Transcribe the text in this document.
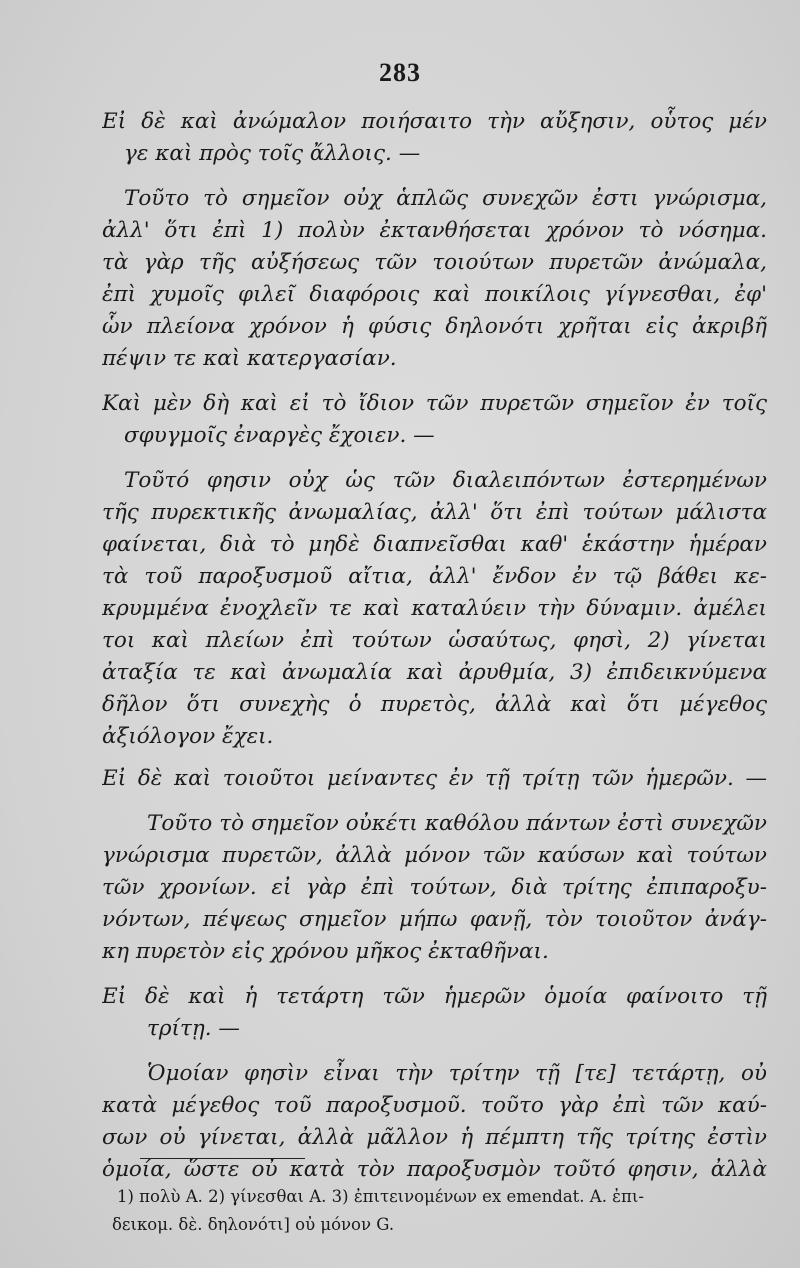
283
Εἰ δὲ καὶ ἀνώμαλον ποιήσαιτο τὴν αὔξησιν, οὗτος μέν
γε καὶ πρὸς τοῖς ἄλλοις. —
Τοῦτο τὸ σημεῖον οὐχ ἁπλῶς συνεχῶν ἐστι γνώρισμα,
ἀλλ' ὅτι ἐπὶ 1) πολὺν ἐκτανθήσεται χρόνον τὸ νόσημα.
τὰ γὰρ τῆς αὐξήσεως τῶν τοιούτων πυρετῶν ἀνώμαλα,
ἐπὶ χυμοῖς φιλεῖ διαφόροις καὶ ποικίλοις γίγνεσθαι, ἐφ'
ὧν πλείονα χρόνον ἡ φύσις δηλονότι χρῆται εἰς ἀκριβῆ
πέψιν τε καὶ κατεργασίαν.
Καὶ μὲν δὴ καὶ εἰ τὸ ἴδιον τῶν πυρετῶν σημεῖον ἐν τοῖς
σφυγμοῖς ἐναργὲς ἔχοιεν. —
Τοῦτό φησιν οὐχ ὡς τῶν διαλειπόντων ἐστερημένων
τῆς πυρεκτικῆς ἀνωμαλίας, ἀλλ' ὅτι ἐπὶ τούτων μάλιστα
φαίνεται, διὰ τὸ μηδὲ διαπνεῖσθαι καθ' ἑκάστην ἡμέραν
τὰ τοῦ παροξυσμοῦ αἴτια, ἀλλ' ἔνδον ἐν τῷ βάθει κε-
κρυμμένα ἐνοχλεῖν τε καὶ καταλύειν τὴν δύναμιν. ἀμέλει
τοι καὶ πλείων ἐπὶ τούτων ὡσαύτως, φησὶ, 2) γίνεται
ἀταξία τε καὶ ἀνωμαλία καὶ ἀρυθμία, 3) ἐπιδεικνύμενα
δῆλον ὅτι συνεχὴς ὁ πυρετὸς, ἀλλὰ καὶ ὅτι μέγεθος
ἀξιόλογον ἔχει.
Εἰ δὲ καὶ τοιοῦτοι μείναντες ἐν τῇ τρίτῃ τῶν ἡμερῶν. —
Τοῦτο τὸ σημεῖον οὐκέτι καθόλου πάντων ἐστὶ συνεχῶν
γνώρισμα πυρετῶν, ἀλλὰ μόνον τῶν καύσων καὶ τούτων
τῶν χρονίων. εἰ γὰρ ἐπὶ τούτων, διὰ τρίτης ἐπιπαροξυ-
νόντων, πέψεως σημεῖον μήπω φανῇ, τὸν τοιοῦτον ἀνάγ-
κη πυρετὸν εἰς χρόνου μῆκος ἐκταθῆναι.
Εἰ δὲ καὶ ἡ τετάρτη τῶν ἡμερῶν ὁμοία φαίνοιτο τῇ
τρίτῃ. —
Ὁμοίαν φησὶν εἶναι τὴν τρίτην τῇ [τε] τετάρτῃ, οὐ
κατὰ μέγεθος τοῦ παροξυσμοῦ. τοῦτο γὰρ ἐπὶ τῶν καύ-
σων οὐ γίνεται, ἀλλὰ μᾶλλον ἡ πέμπτη τῆς τρίτης ἐστὶν
ὁμοία, ὥστε οὐ κατὰ τὸν παροξυσμὸν τοῦτό φησιν, ἀλλὰ
1) πολὺ A. 2) γίνεσθαι A. 3) ἐπιτεινομένων ex emendat. A. ἐπι-
δεικομ. δὲ. δηλονότι] οὐ μόνον G.
